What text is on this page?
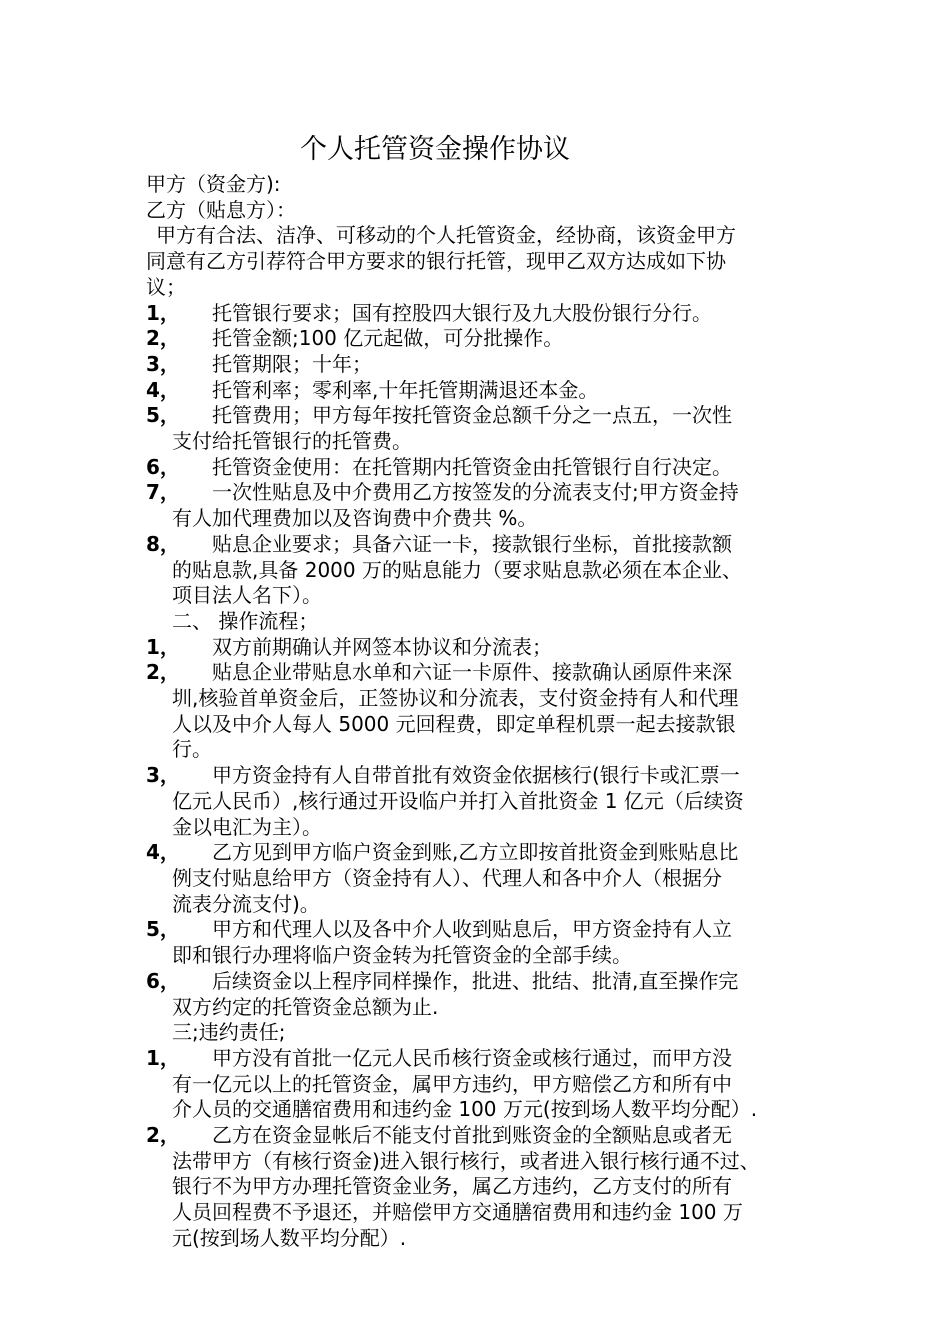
个人托管资金操作协议

甲方（资金方):

乙方（贴息方）：

甲方有合法、洁净、可移动的个人托管资金，经协商，该资金甲方

同意有乙方引荐符合甲方要求的银行托管，现甲乙双方达成如下协

议；

1，	托管银行要求；国有控股四大银行及九大股份银行分行。
2，	托管金额;100 亿元起做，可分批操作。
3，	托管期限；十年；
4，	托管利率；零利率,十年托管期满退还本金。
5，	托管费用；甲方每年按托管资金总额千分之一点五，一次性
支付给托管银行的托管费。
6，	托管资金使用：在托管期内托管资金由托管银行自行决定。
7，	一次性贴息及中介费用乙方按签发的分流表支付;甲方资金持
有人加代理费加以及咨询费中介费共 %。
8，	贴息企业要求；具备六证一卡，接款银行坐标，首批接款额
的贴息款,具备 2000 万的贴息能力（要求贴息款必须在本企业、
项目法人名下）。

二、 操作流程；

1，	双方前期确认并网签本协议和分流表；
2，	贴息企业带贴息水单和六证一卡原件、接款确认函原件来深
圳,核验首单资金后，正签协议和分流表，支付资金持有人和代理
人以及中介人每人 5000 元回程费，即定单程机票一起去接款银
行。
3，	甲方资金持有人自带首批有效资金依据核行(银行卡或汇票一
亿元人民币）,核行通过开设临户并打入首批资金 1 亿元（后续资
金以电汇为主）。
4，	乙方见到甲方临户资金到账,乙方立即按首批资金到账贴息比
例支付贴息给甲方（资金持有人）、代理人和各中介人（根据分
流表分流支付)。
5，	甲方和代理人以及各中介人收到贴息后，甲方资金持有人立
即和银行办理将临户资金转为托管资金的全部手续。
6，	后续资金以上程序同样操作，批进、批结、批清,直至操作完
双方约定的托管资金总额为止.

三;违约责任;

1，	甲方没有首批一亿元人民币核行资金或核行通过，而甲方没
有一亿元以上的托管资金，属甲方违约，甲方赔偿乙方和所有中
介人员的交通膳宿费用和违约金 100 万元(按到场人数平均分配）.
2，	乙方在资金显帐后不能支付首批到账资金的全额贴息或者无
法带甲方（有核行资金)进入银行核行，或者进入银行核行通不过、
银行不为甲方办理托管资金业务，属乙方违约，乙方支付的所有
人员回程费不予退还，并赔偿甲方交通膳宿费用和违约金 100 万
元(按到场人数平均分配）.
